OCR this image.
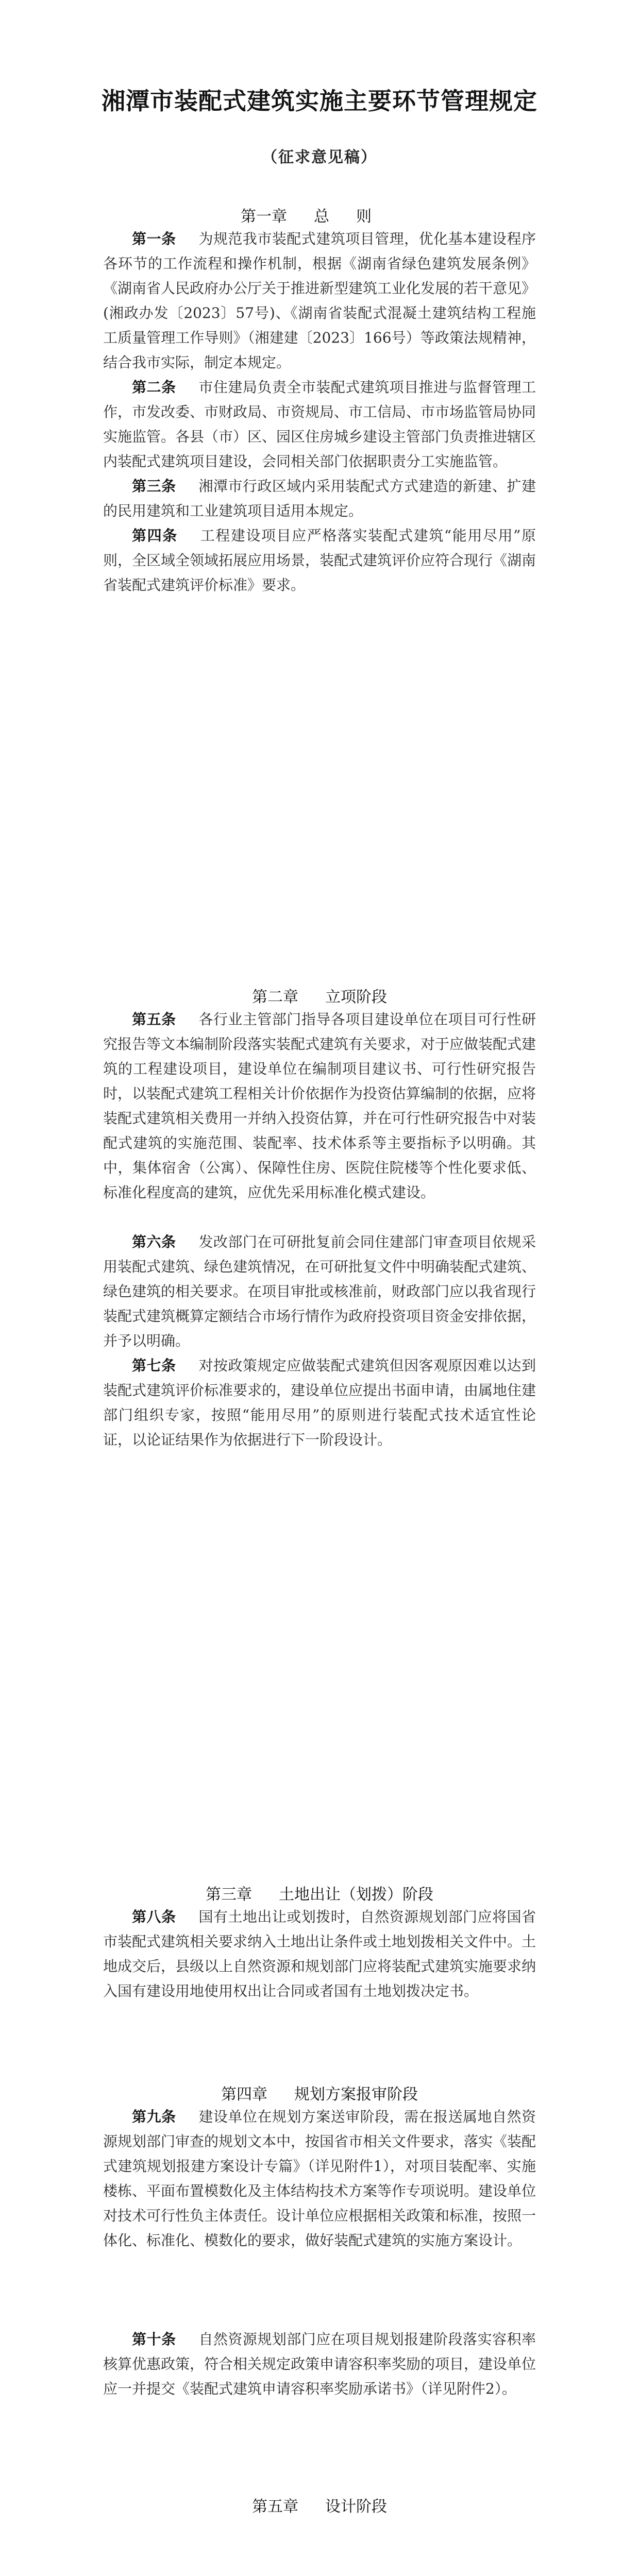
湘潭市装配式建筑实施主要环节管理规定
（征求意见稿）
第一章 总则
第一条 为规范我市装配式建筑项目管理，优化基本建设程序各环节的工作流程和操作机制，根据《湖南省绿色建筑发展条例》《湖南省人民政府办公厅关于推进新型建筑工业化发展的若干意见》(湘政办发〔2023〕57号)、《湖南省装配式混凝土建筑结构工程施工质量管理工作导则》（湘建建〔2023〕166号）等政策法规精神，结合我市实际，制定本规定。
第二条 市住建局负责全市装配式建筑项目推进与监督管理工作，市发改委、市财政局、市资规局、市工信局、市市场监管局协同实施监管。各县（市）区、园区住房城乡建设主管部门负责推进辖区内装配式建筑项目建设，会同相关部门依据职责分工实施监管。
第三条 湘潭市行政区域内采用装配式方式建造的新建、扩建的民用建筑和工业建筑项目适用本规定。
第四条 工程建设项目应严格落实装配式建筑“能用尽用”原则，全区域全领域拓展应用场景，装配式建筑评价应符合现行《湖南省装配式建筑评价标准》要求。
第二章 立项阶段
第五条 各行业主管部门指导各项目建设单位在项目可行性研究报告等文本编制阶段落实装配式建筑有关要求，对于应做装配式建筑的工程建设项目，建设单位在编制项目建议书、可行性研究报告时，以装配式建筑工程相关计价依据作为投资估算编制的依据，应将装配式建筑相关费用一并纳入投资估算，并在可行性研究报告中对装配式建筑的实施范围、装配率、技术体系等主要指标予以明确。其中，集体宿舍（公寓）、保障性住房、医院住院楼等个性化要求低、标准化程度高的建筑，应优先采用标准化模式建设。
第六条 发改部门在可研批复前会同住建部门审查项目依规采用装配式建筑、绿色建筑情况，在可研批复文件中明确装配式建筑、绿色建筑的相关要求。在项目审批或核准前，财政部门应以我省现行装配式建筑概算定额结合市场行情作为政府投资项目资金安排依据，并予以明确。
第七条 对按政策规定应做装配式建筑但因客观原因难以达到装配式建筑评价标准要求的，建设单位应提出书面申请，由属地住建部门组织专家，按照“能用尽用”的原则进行装配式技术适宜性论证，以论证结果作为依据进行下一阶段设计。
第三章 土地出让（划拨）阶段
第八条 国有土地出让或划拨时，自然资源规划部门应将国省市装配式建筑相关要求纳入土地出让条件或土地划拨相关文件中。土地成交后，县级以上自然资源和规划部门应将装配式建筑实施要求纳入国有建设用地使用权出让合同或者国有土地划拨决定书。
第四章 规划方案报审阶段
第九条 建设单位在规划方案送审阶段，需在报送属地自然资源规划部门审查的规划文本中，按国省市相关文件要求，落实《装配式建筑规划报建方案设计专篇》（详见附件1），对项目装配率、实施楼栋、平面布置模数化及主体结构技术方案等作专项说明。建设单位对技术可行性负主体责任。设计单位应根据相关政策和标准，按照一体化、标准化、模数化的要求，做好装配式建筑的实施方案设计。
第十条 自然资源规划部门应在项目规划报建阶段落实容积率核算优惠政策，符合相关规定政策申请容积率奖励的项目，建设单位应一并提交《装配式建筑申请容积率奖励承诺书》（详见附件2）。
第五章 设计阶段
